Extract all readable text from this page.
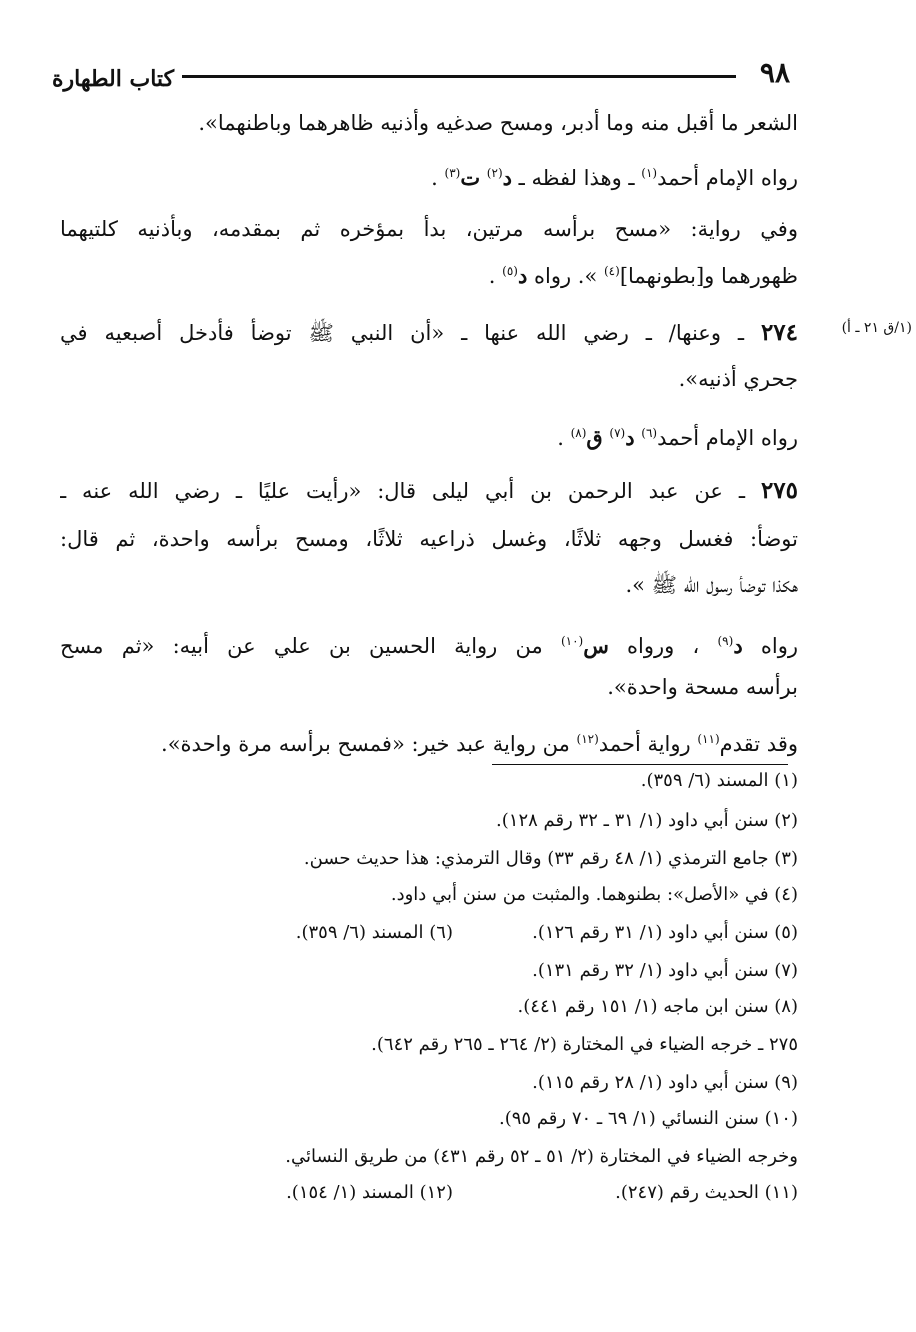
كتاب الطهارة	٩٨
(١/ق ٢١ ـ أ)
الشعر ما أقبل منه وما أدبر، ومسح صدغيه وأذنيه ظاهرهما وباطنهما».
رواه الإمام أحمد$^{(١)}$ ـ وهذا لفظه ـ د$^{(٢)}$ ت$^{(٣)}$ .
وفي رواية: «مسح برأسه مرتين، بدأ بمؤخره ثم بمقدمه، وبأذنيه كلتيهما
ظهورهما و[بطونهما]$^{(٤)}$ ». رواه د$^{(٥)}$ .
٢٧٤ ـ وعنها/ ـ رضي الله عنها ـ «أن النبي ﷺ توضأ فأدخل أصبعيه في
جحري أذنيه».
رواه الإمام أحمد$^{(٦)}$ د$^{(٧)}$ ق$^{(٨)}$ .
٢٧٥ ـ عن عبد الرحمن بن أبي ليلى قال: «رأيت عليًا ـ رضي الله عنه ـ
توضأ: فغسل وجهه ثلاثًا، وغسل ذراعيه ثلاثًا، ومسح برأسه واحدة، ثم قال:
هكذا توضأ رسول الله ﷺ ».
رواه د$^{(٩)}$ ، ورواه س$^{(١٠)}$ من رواية الحسين بن علي عن أبيه: «ثم مسح
برأسه مسحة واحدة».
وقد تقدم$^{(١١)}$ رواية أحمد$^{(١٢)}$ من رواية عبد خير: «فمسح برأسه مرة واحدة».
(١) المسند (٦/ ٣٥٩).
(٢) سنن أبي داود (١/ ٣١ ـ ٣٢ رقم ١٢٨).
(٣) جامع الترمذي (١/ ٤٨ رقم ٣٣) وقال الترمذي: هذا حديث حسن.
(٤) في «الأصل»: بطنوهما. والمثبت من سنن أبي داود.
(٥) سنن أبي داود (١/ ٣١ رقم ١٢٦).
(٦) المسند (٦/ ٣٥٩).
(٧) سنن أبي داود (١/ ٣٢ رقم ١٣١).
(٨) سنن ابن ماجه (١/ ١٥١ رقم ٤٤١).
٢٧٥ ـ خرجه الضياء في المختارة (٢/ ٢٦٤ ـ ٢٦٥ رقم ٦٤٢).
(٩) سنن أبي داود (١/ ٢٨ رقم ١١٥).
(١٠) سنن النسائي (١/ ٦٩ ـ ٧٠ رقم ٩٥).
وخرجه الضياء في المختارة (٢/ ٥١ ـ ٥٢ رقم ٤٣١) من طريق النسائي.
(١١) الحديث رقم (٢٤٧).
(١٢) المسند (١/ ١٥٤).
